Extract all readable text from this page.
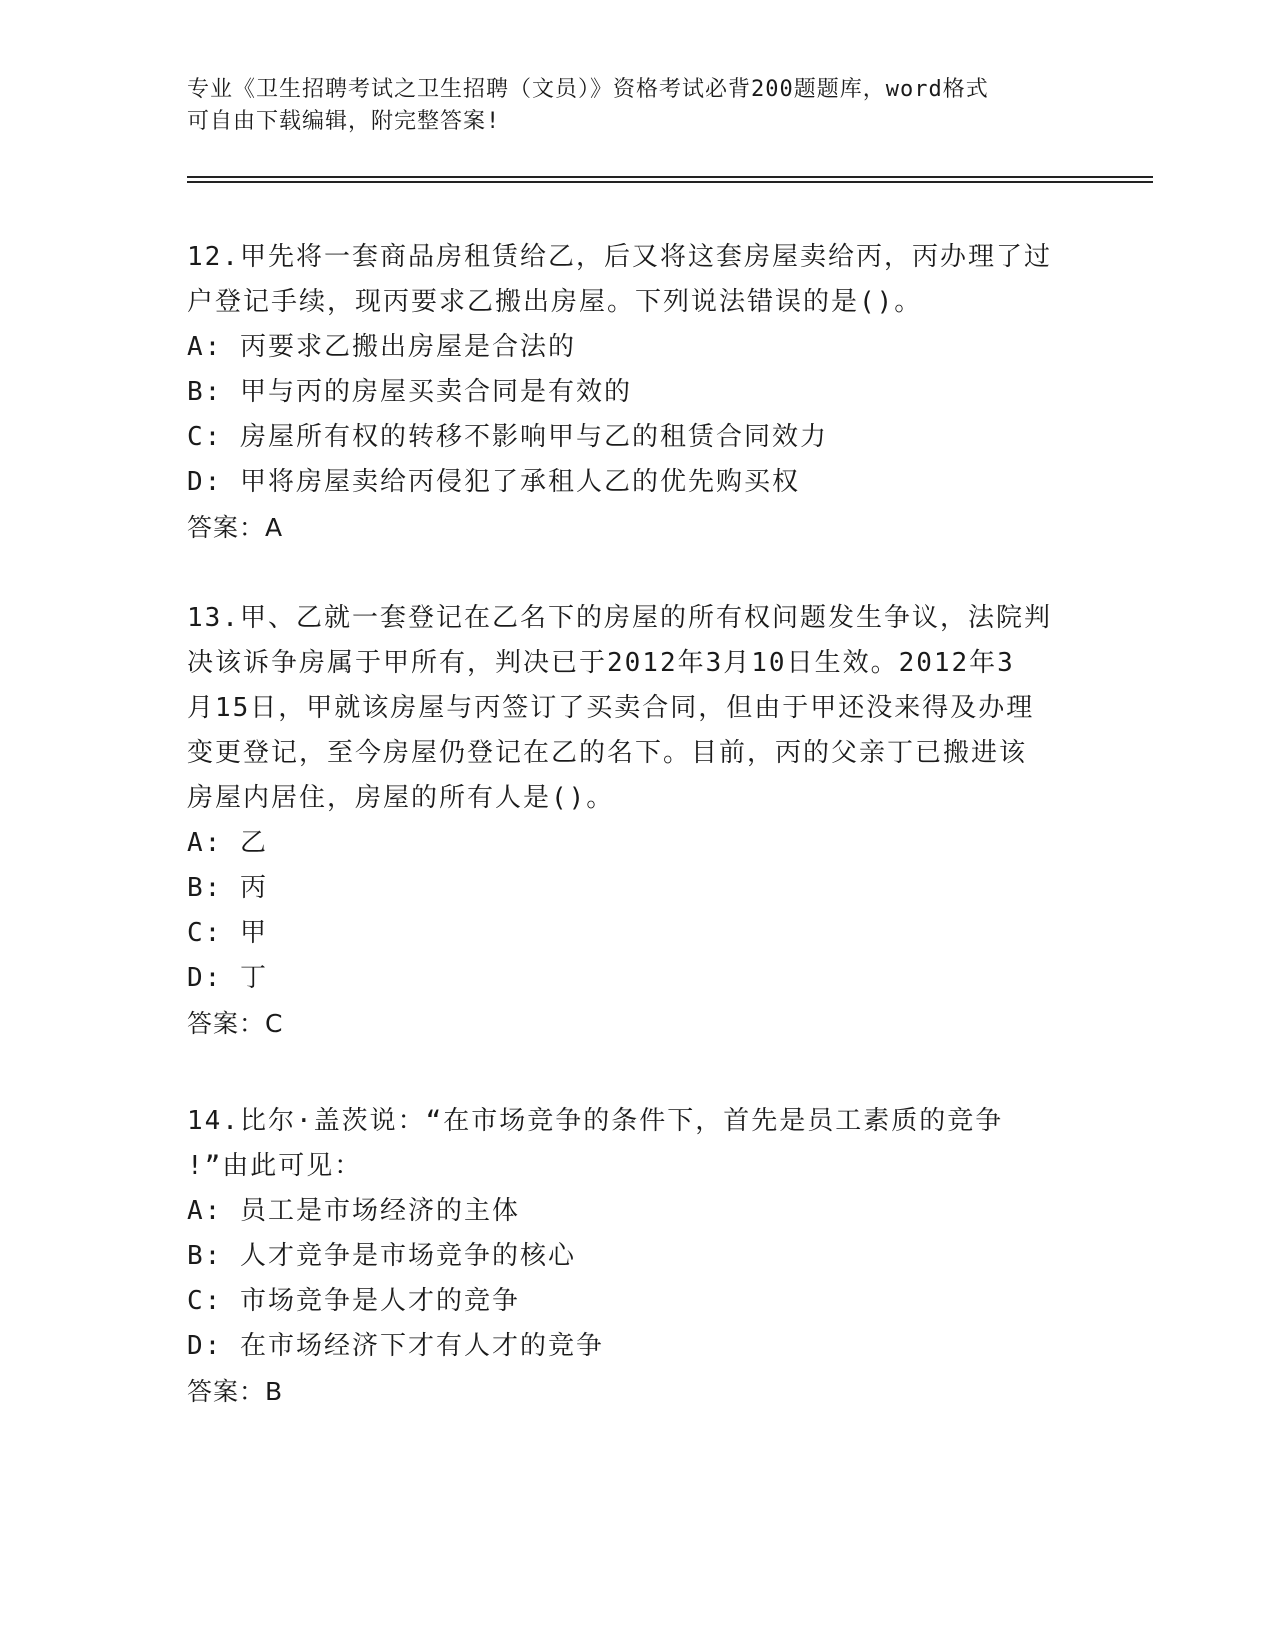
专业《卫生招聘考试之卫生招聘（文员）》资格考试必背200题题库，word格式
可自由下载编辑，附完整答案!
12.甲先将一套商品房租赁给乙，后又将这套房屋卖给丙，丙办理了过
户登记手续，现丙要求乙搬出房屋。下列说法错误的是()。
A: 丙要求乙搬出房屋是合法的
B: 甲与丙的房屋买卖合同是有效的
C: 房屋所有权的转移不影响甲与乙的租赁合同效力
D: 甲将房屋卖给丙侵犯了承租人乙的优先购买权
答案：A
13.甲、乙就一套登记在乙名下的房屋的所有权问题发生争议，法院判
决该诉争房属于甲所有，判决已于2012年3月10日生效。2012年3
月15日，甲就该房屋与丙签订了买卖合同，但由于甲还没来得及办理
变更登记，至今房屋仍登记在乙的名下。目前，丙的父亲丁已搬进该
房屋内居住，房屋的所有人是()。
A: 乙
B: 丙
C: 甲
D: 丁
答案：C
14.比尔·盖茨说：“在市场竞争的条件下，首先是员工素质的竞争
!”由此可见：
A: 员工是市场经济的主体
B: 人才竞争是市场竞争的核心
C: 市场竞争是人才的竞争
D: 在市场经济下才有人才的竞争
答案：B
